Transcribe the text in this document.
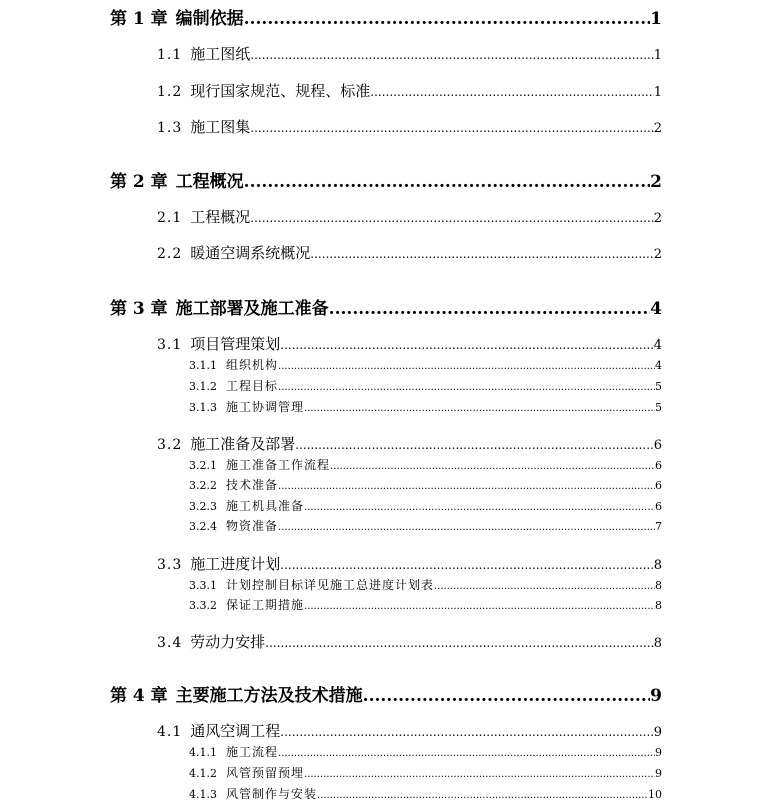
第 1 章 编制依据 .....	1
1.1 施工图纸 .....	1
1.2 现行国家规范、规程、标准 .....	1
1.3 施工图集 .....	2
第 2 章 工程概况 .....	2
2.1 工程概况 .....	2
2.2 暖通空调系统概况 .....	2
第 3 章 施工部署及施工准备 .....	4
3.1 项目管理策划 .....	4
3.1.1 组织机构 .....	4
3.1.2 工程目标 .....	5
3.1.3 施工协调管理 .....	5
3.2 施工准备及部署 .....	6
3.2.1 施工准备工作流程 .....	6
3.2.2 技术准备 .....	6
3.2.3 施工机具准备 .....	6
3.2.4 物资准备 .....	7
3.3 施工进度计划 .....	8
3.3.1 计划控制目标详见施工总进度计划表 .....	8
3.3.2 保证工期措施 .....	8
3.4 劳动力安排 .....	8
第 4 章 主要施工方法及技术措施 .....	9
4.1 通风空调工程 .....	9
4.1.1 施工流程 .....	9
4.1.2 风管预留预埋 .....	9
4.1.3 风管制作与安装 .....	10
